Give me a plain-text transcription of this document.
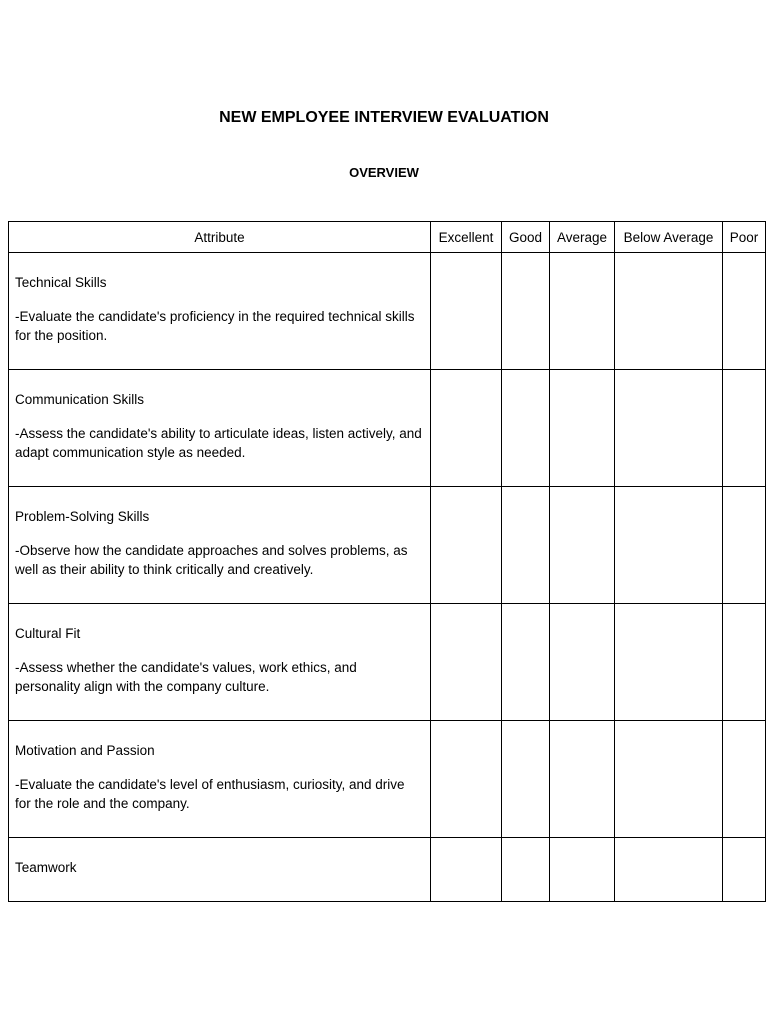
NEW EMPLOYEE INTERVIEW EVALUATION
OVERVIEW
Attribute	Excellent	Good	Average	Below Average	Poor

Technical Skills
-Evaluate the candidate's proficiency in the required technical skills for the position.					

Communication Skills
-Assess the candidate's ability to articulate ideas, listen actively, and adapt communication style as needed.					

Problem-Solving Skills
-Observe how the candidate approaches and solves problems, as well as their ability to think critically and creatively.					

Cultural Fit
-Assess whether the candidate's values, work ethics, and personality align with the company culture.					

Motivation and Passion
-Evaluate the candidate's level of enthusiasm, curiosity, and drive for the role and the company.					

Teamwork					
